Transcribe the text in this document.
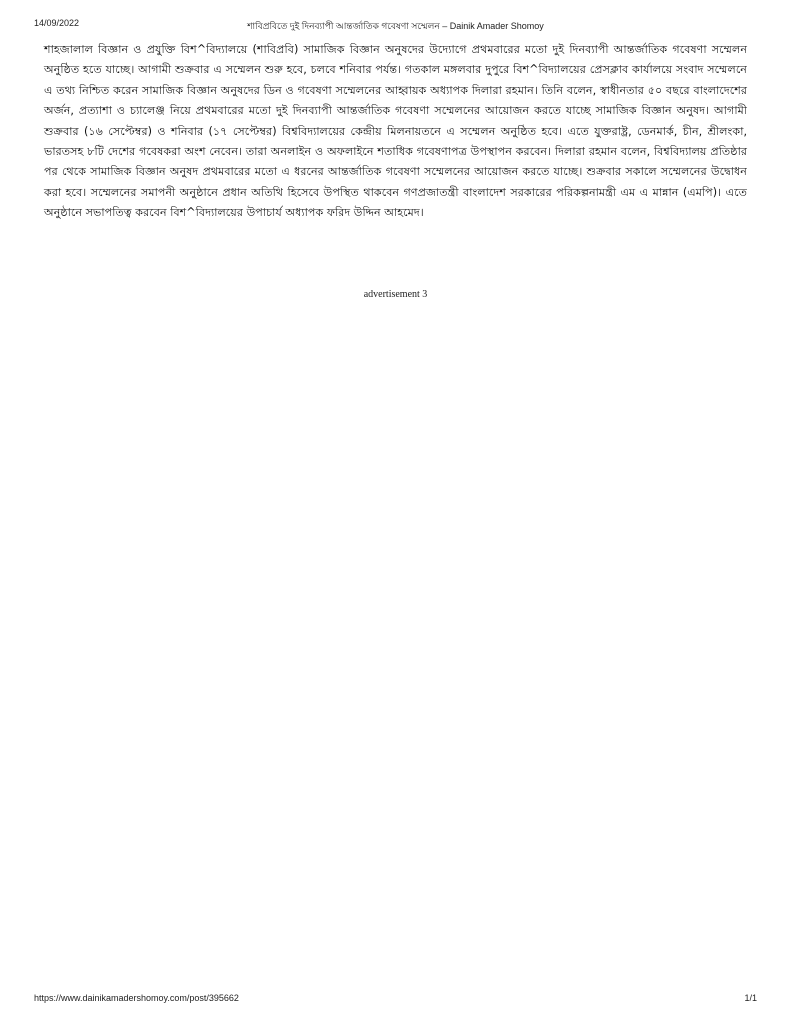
14/09/2022	শাবিপ্রবিতে দুই দিনব্যাপী আন্তর্জাতিক গবেষণা সম্মেলন – Dainik Amader Shomoy

শাহজালাল বিজ্ঞান ও প্রযুক্তি বিশ^বিদ্যালয়ে (শাবিপ্রবি) সামাজিক বিজ্ঞান অনুষদের উদ্যোগে প্রথমবারের মতো দুই দিনব্যাপী আন্তর্জাতিক গবেষণা সম্মেলন অনুষ্ঠিত হতে যাচ্ছে। আগামী শুক্রবার এ সম্মেলন শুরু হবে, চলবে শনিবার পর্যন্ত। গতকাল মঙ্গলবার দুপুরে বিশ^বিদ্যালয়ের প্রেসক্লাব কার্যালয়ে সংবাদ সম্মেলনে এ তথ্য নিশ্চিত করেন সামাজিক বিজ্ঞান অনুষদের ডিন ও গবেষণা সম্মেলনের আহ্বায়ক অধ্যাপক দিলারা রহমান। তিনি বলেন, স্বাধীনতার ৫০ বছরে বাংলাদেশের অর্জন, প্রত্যাশা ও চ্যালেঞ্জ নিয়ে প্রথমবারের মতো দুই দিনব্যাপী আন্তর্জাতিক গবেষণা সম্মেলনের আয়োজন করতে যাচ্ছে সামাজিক বিজ্ঞান অনুষদ। আগামী শুক্রবার (১৬ সেপ্টেম্বর) ও শনিবার (১৭ সেপ্টেম্বর) বিশ্ববিদ্যালয়ের কেন্দ্রীয় মিলনায়তনে এ সম্মেলন অনুষ্ঠিত হবে। এতে যুক্তরাষ্ট্র, ডেনমার্ক, চীন, শ্রীলংকা, ভারতসহ ৮টি দেশের গবেষকরা অংশ নেবেন। তারা অনলাইন ও অফলাইনে শতাধিক গবেষণাপত্র উপস্থাপন করবেন। দিলারা রহমান বলেন, বিশ্ববিদ্যালয় প্রতিষ্ঠার পর থেকে সামাজিক বিজ্ঞান অনুষদ প্রথমবারের মতো এ ধরনের আন্তর্জাতিক গবেষণা সম্মেলনের আয়োজন করতে যাচ্ছে। শুক্রবার সকালে সম্মেলনের উদ্বোধন করা হবে। সম্মেলনের সমাপনী অনুষ্ঠানে প্রধান অতিথি হিসেবে উপস্থিত থাকবেন গণপ্রজাতন্ত্রী বাংলাদেশ সরকারের পরিকল্পনামন্ত্রী এম এ মান্নান (এমপি)। এতে অনুষ্ঠানে সভাপতিত্ব করবেন বিশ^বিদ্যালয়ের উপাচার্য অধ্যাপক ফরিদ উদ্দিন আহমেদ।

advertisement 3
https://www.dainikamadershomoy.com/post/395662	1/1
